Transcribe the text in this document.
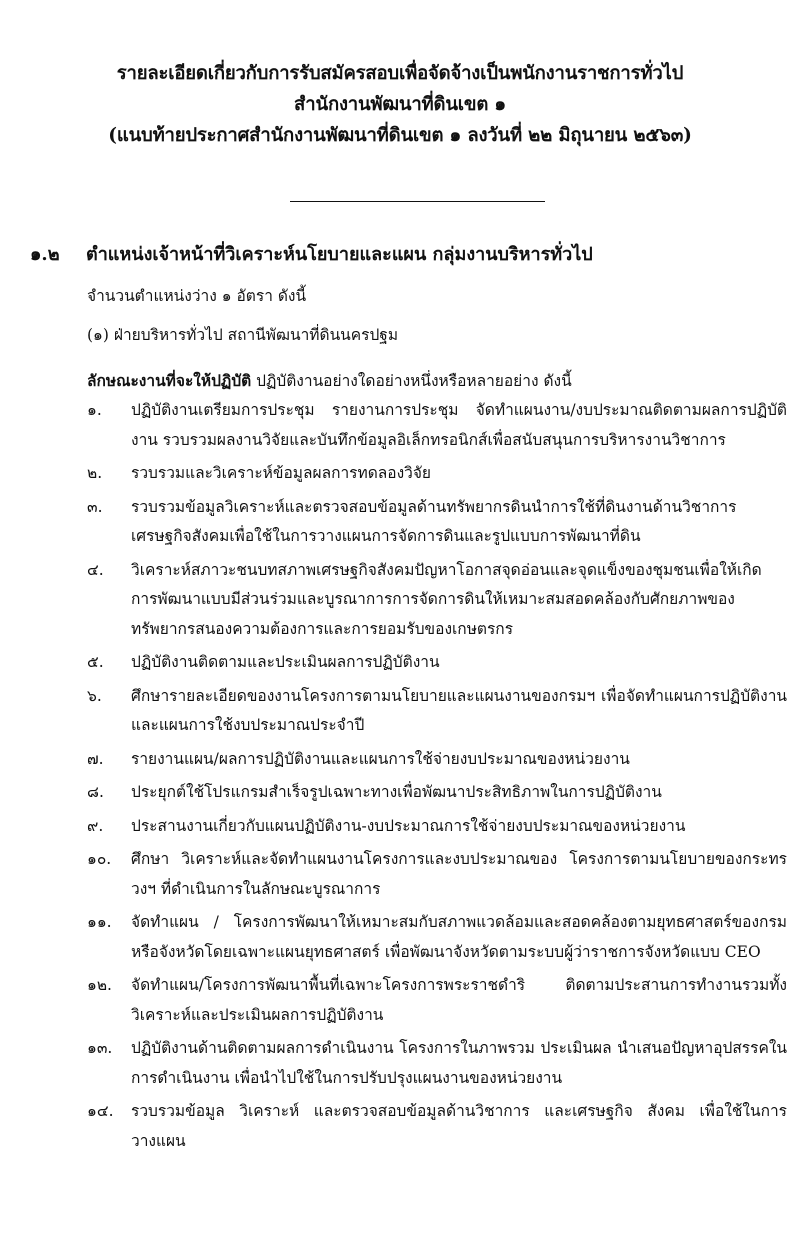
รายละเอียดเกี่ยวกับการรับสมัครสอบเพื่อจัดจ้างเป็นพนักงานราชการทั่วไป
สำนักงานพัฒนาที่ดินเขต ๑
(แนบท้ายประกาศสำนักงานพัฒนาที่ดินเขต ๑ ลงวันที่ ๒๒ มิถุนายน ๒๕๖๓)
๑.๒ ตำแหน่งเจ้าหน้าที่วิเคราะห์นโยบายและแผน กลุ่มงานบริหารทั่วไป
จำนวนตำแหน่งว่าง ๑ อัตรา ดังนี้
(๑) ฝ่ายบริหารทั่วไป สถานีพัฒนาที่ดินนครปฐม
ลักษณะงานที่จะให้ปฏิบัติ ปฏิบัติงานอย่างใดอย่างหนึ่งหรือหลายอย่าง ดังนี้
๑.	ปฏิบัติงานเตรียมการประชุม รายงานการประชุม จัดทำแผนงาน/งบประมาณติดตามผลการปฏิบัติงาน รวบรวมผลงานวิจัยและบันทึกข้อมูลอิเล็กทรอนิกส์เพื่อสนับสนุนการบริหารงานวิชาการ
๒.	รวบรวมและวิเคราะห์ข้อมูลผลการทดลองวิจัย
๓.	รวบรวมข้อมูลวิเคราะห์และตรวจสอบข้อมูลด้านทรัพยากรดินนำการใช้ที่ดินงานด้านวิชาการเศรษฐกิจสังคมเพื่อใช้ในการวางแผนการจัดการดินและรูปแบบการพัฒนาที่ดิน
๔.	วิเคราะห์สภาวะชนบทสภาพเศรษฐกิจสังคมปัญหาโอกาสจุดอ่อนและจุดแข็งของชุมชนเพื่อให้เกิดการพัฒนาแบบมีส่วนร่วมและบูรณาการการจัดการดินให้เหมาะสมสอดคล้องกับศักยภาพของทรัพยากรสนองความต้องการและการยอมรับของเกษตรกร
๕.	ปฏิบัติงานติดตามและประเมินผลการปฏิบัติงาน
๖.	ศึกษารายละเอียดของงานโครงการตามนโยบายและแผนงานของกรมฯ เพื่อจัดทำแผนการปฏิบัติงานและแผนการใช้งบประมาณประจำปี
๗.	รายงานแผน/ผลการปฏิบัติงานและแผนการใช้จ่ายงบประมาณของหน่วยงาน
๘.	ประยุกต์ใช้โปรแกรมสำเร็จรูปเฉพาะทางเพื่อพัฒนาประสิทธิภาพในการปฏิบัติงาน
๙.	ประสานงานเกี่ยวกับแผนปฏิบัติงาน-งบประมาณการใช้จ่ายงบประมาณของหน่วยงาน
๑๐.	ศึกษา วิเคราะห์และจัดทำแผนงานโครงการและงบประมาณของ โครงการตามนโยบายของกระทรวงฯ ที่ดำเนินการในลักษณะบูรณาการ
๑๑.	จัดทำแผน / โครงการพัฒนาให้เหมาะสมกับสภาพแวดล้อมและสอดคล้องตามยุทธศาสตร์ของกรมหรือจังหวัดโดยเฉพาะแผนยุทธศาสตร์ เพื่อพัฒนาจังหวัดตามระบบผู้ว่าราชการจังหวัดแบบ CEO
๑๒.	จัดทำแผน/โครงการพัฒนาพื้นที่เฉพาะโครงการพระราชดำริ ติดตามประสานการทำงานรวมทั้งวิเคราะห์และประเมินผลการปฏิบัติงาน
๑๓.	ปฏิบัติงานด้านติดตามผลการดำเนินงาน โครงการในภาพรวม ประเมินผล นำเสนอปัญหาอุปสรรคในการดำเนินงาน เพื่อนำไปใช้ในการปรับปรุงแผนงานของหน่วยงาน
๑๔.	รวบรวมข้อมูล วิเคราะห์ และตรวจสอบข้อมูลด้านวิชาการ และเศรษฐกิจ สังคม เพื่อใช้ในการวางแผน
